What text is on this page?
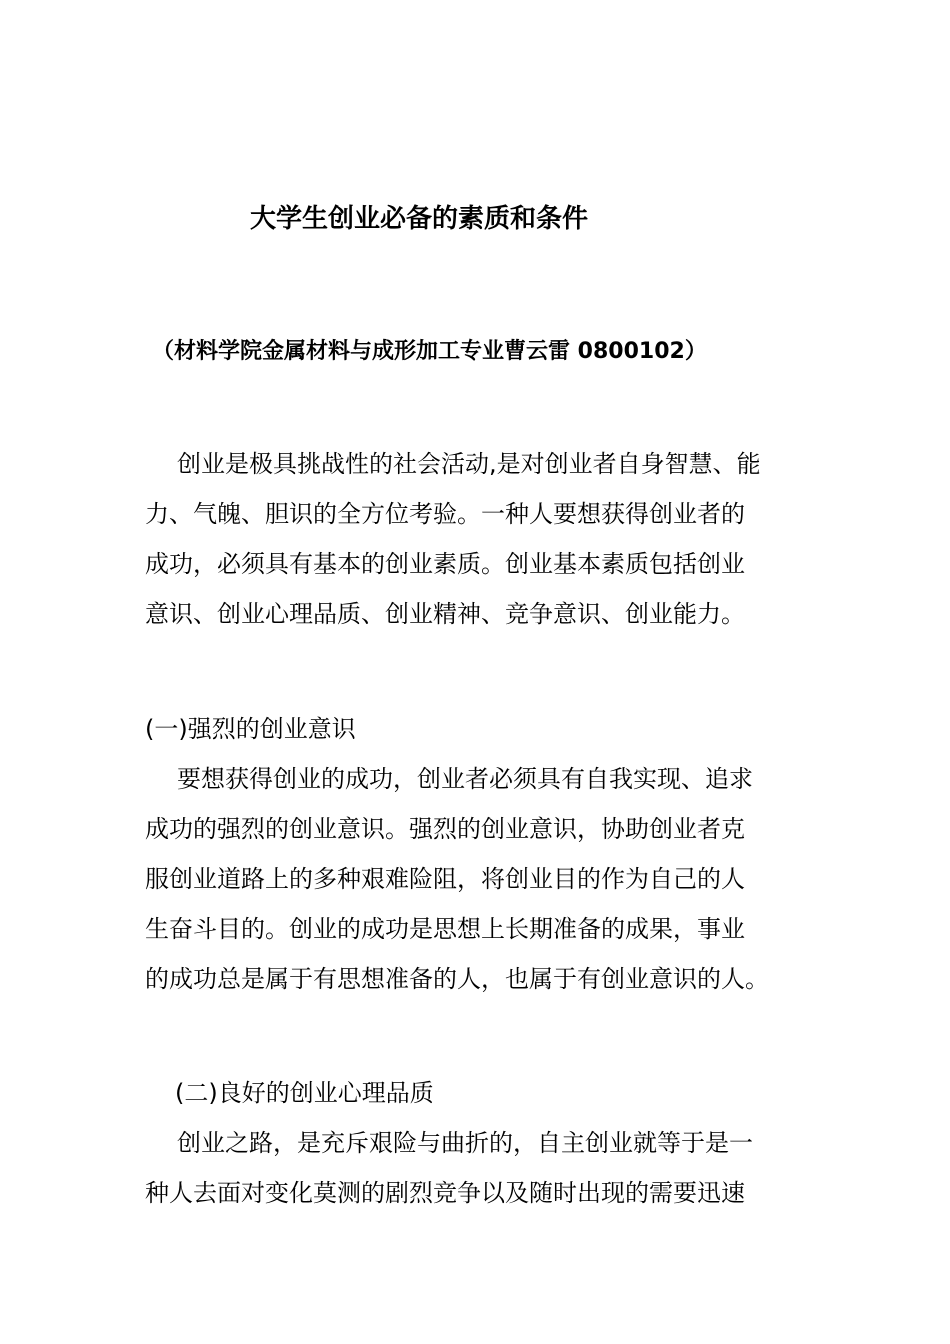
大学生创业必备的素质和条件
（材料学院金属材料与成形加工专业曹云雷 0800102）
创业是极具挑战性的社会活动,是对创业者自身智慧、能
力、气魄、胆识的全方位考验。一种人要想获得创业者的
成功，必须具有基本的创业素质。创业基本素质包括创业
意识、创业心理品质、创业精神、竞争意识、创业能力。
(一)强烈的创业意识
要想获得创业的成功，创业者必须具有自我实现、追求
成功的强烈的创业意识。强烈的创业意识，协助创业者克
服创业道路上的多种艰难险阻，将创业目的作为自己的人
生奋斗目的。创业的成功是思想上长期准备的成果，事业
的成功总是属于有思想准备的人，也属于有创业意识的人。
(二)良好的创业心理品质
创业之路，是充斥艰险与曲折的，自主创业就等于是一
种人去面对变化莫测的剧烈竞争以及随时出现的需要迅速
